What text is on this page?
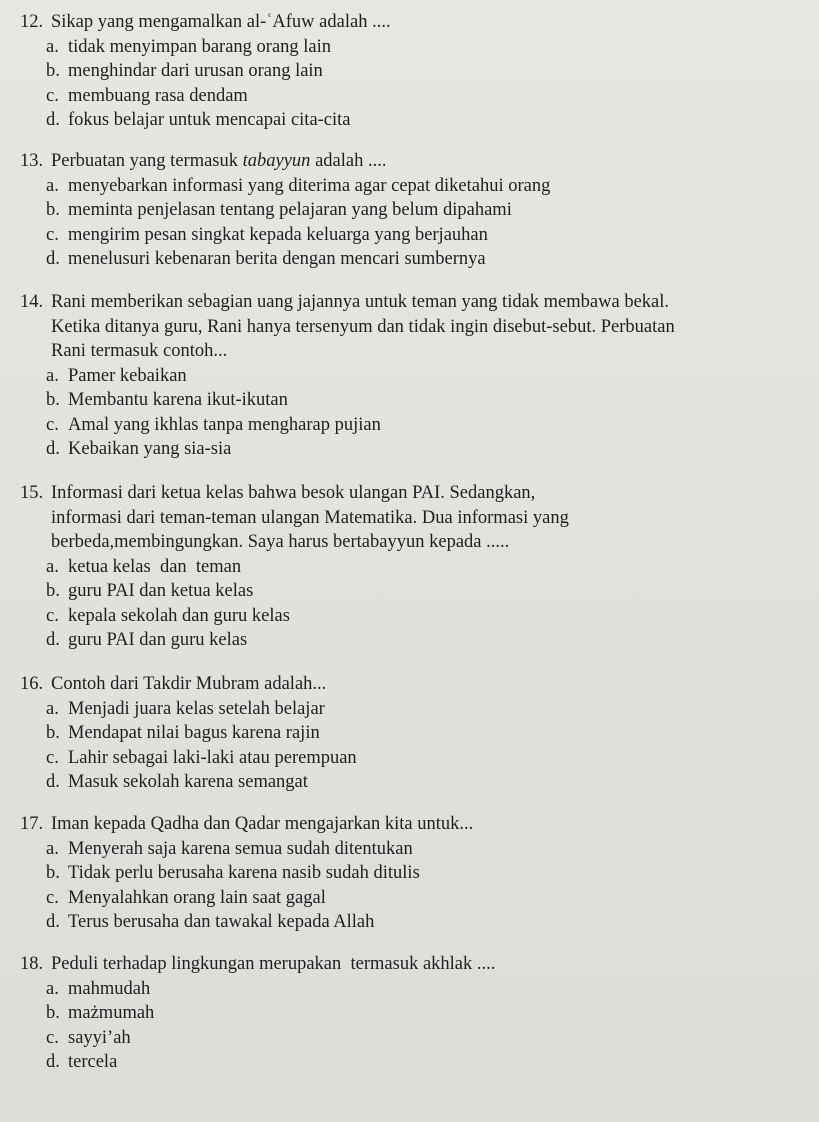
12. Sikap yang mengamalkan al-ʿAfuw adalah ....
a. tidak menyimpan barang orang lain
b. menghindar dari urusan orang lain
c. membuang rasa dendam
d. fokus belajar untuk mencapai cita-cita
13. Perbuatan yang termasuk tabayyun adalah ....
a. menyebarkan informasi yang diterima agar cepat diketahui orang
b. meminta penjelasan tentang pelajaran yang belum dipahami
c. mengirim pesan singkat kepada keluarga yang berjauhan
d. menelusuri kebenaran berita dengan mencari sumbernya
14. Rani memberikan sebagian uang jajannya untuk teman yang tidak membawa bekal.
Ketika ditanya guru, Rani hanya tersenyum dan tidak ingin disebut-sebut. Perbuatan
Rani termasuk contoh...
a. Pamer kebaikan
b. Membantu karena ikut-ikutan
c. Amal yang ikhlas tanpa mengharap pujian
d. Kebaikan yang sia-sia
15. Informasi dari ketua kelas bahwa besok ulangan PAI. Sedangkan,
informasi dari teman-teman ulangan Matematika. Dua informasi yang
berbeda,membingungkan. Saya harus bertabayyun kepada .....
a. ketua kelas  dan  teman
b. guru PAI dan ketua kelas
c. kepala sekolah dan guru kelas
d. guru PAI dan guru kelas
16. Contoh dari Takdir Mubram adalah...
a. Menjadi juara kelas setelah belajar
b. Mendapat nilai bagus karena rajin
c. Lahir sebagai laki-laki atau perempuan
d. Masuk sekolah karena semangat
17. Iman kepada Qadha dan Qadar mengajarkan kita untuk...
a. Menyerah saja karena semua sudah ditentukan
b. Tidak perlu berusaha karena nasib sudah ditulis
c. Menyalahkan orang lain saat gagal
d. Terus berusaha dan tawakal kepada Allah
18. Peduli terhadap lingkungan merupakan  termasuk akhlak ....
a. mahmudah
b. mażmumah
c. sayyi’ah
d. tercela
